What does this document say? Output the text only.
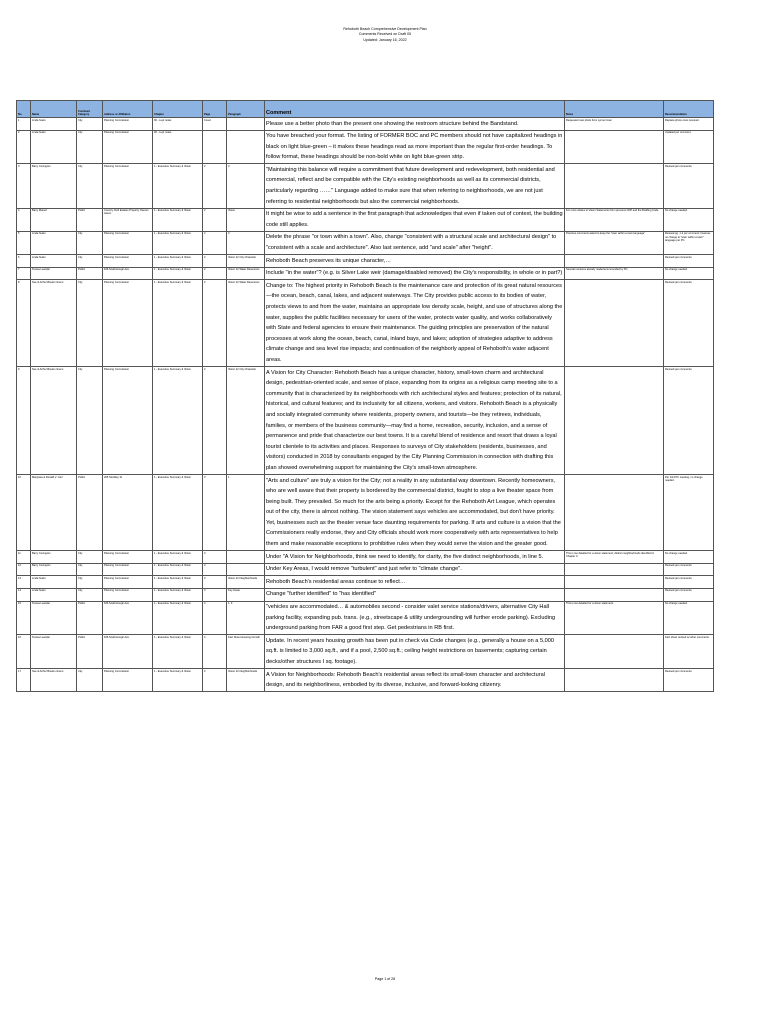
Rehoboth Beach Comprehensive Development Plan
Comments Received on Draft 05
Updated: January 16, 2022
No.	Name	Comment Category	Address or Affiliation	Chapter	Page	Paragraph	Comment	Notes	Recommendation
1	Linda Nusin	City	Planning Commission	00 - Lupt notes	Cover		Please use a better photo than the present one showing the restroom structure behind the Bandstand.	Requested new photo from Lynne Coan	Replace photo once received.
2	Linda Nusin	City	Planning Commission	00 - Lupt notes			You have breached your format. The listing of FORMER BOC and PC members should not have capitalized headings in black on light blue-green – it makes these headings read as more important than the regular first-order headings. To follow format, these headings should be non-bold white on light blue-green strip.		Updated per comment.
3	Barry Covington	City	Planning Commission	1 - Executive Summary & Vision	2	3	"Maintaining this balance will require a commitment that future development and redevelopment, both residential and commercial, reflect and be compatible with the City's existing neighborhoods as well as its commercial districts, particularly regarding ……" Language added to make sure that when referring to neighborhoods, we are not just referring to residential neighborhoods but also the commercial neighborhoods.		Revised per comments.
4	Barry Marsel	Public	Country Club Estates Property Owners Assoc.	1 - Executive Summary & Vision	2	Vision	It might be wise to add a sentence in the first paragraph that acknowledges that even if taken out of context, the building code still applies.	For more relates to Vision Statements from previous CDP and the Building Code.	No change needed.
5	Linda Nusin	City	Planning Commission	1 - Executive Summary & Vision	2	3	Delete the phrase "or town within a town". Also, change "consistent with a structural scale and architectural design" to "consistent with a scale and architecture". Also last sentence, add "and scale" after "height".	Previous comments asked to keep the "town within a town language"	Revised pg. 1-2 per comment; however, no change to "town within a town" language per PC.
6	Linda Nusin	City	Planning Commission	1 - Executive Summary & Vision	2	Vision for City Character	Rehoboth Beach preserves its unique character,…		Revised per comments.
7	Teresa Leander	Public	626 Scarborough Ave	1 - Executive Summary & Vision	2	Vision for Water Resources	Include "in the water"? (e.g. is Silver Lake weir (damage/disabled removed) the City's responsibility, in whole or in part?)	Several mentions already made/recommended by PC.	No change needed.
8	Sue & Arthur Boulen Greco	City	Planning Commission	1 - Executive Summary & Vision	2	Vision for Water Resources	Change to: The highest priority in Rehoboth Beach is the maintenance care and protection of its great natural resources—the ocean, beach, canal, lakes, and adjacent waterways. The City provides public access to its bodies of water, protects views to and from the water, maintains an appropriate low density scale, height, and use of structures along the water, supplies the public facilities necessary for users of the water, protects water quality, and works collaboratively with State and federal agencies to ensure their maintenance. The guiding principles are preservation of the natural processes at work along the ocean, beach, canal, inland bays, and lakes; adoption of strategies adaptive to address climate change and sea level rise impacts; and continuation of the neighborly appeal of Rehoboth's water adjacent areas.		Revised per comments.
9	Sue & Arthur Boulen Greco	City	Planning Commission	1 - Executive Summary & Vision	2	Vision for City Character	A Vision for City Character: Rehoboth Beach has a unique character, history, small-town charm and architectural design, pedestrian-oriented scale, and sense of place, expanding from its origins as a religious camp meeting site to a community that is characterized by its neighborhoods with rich architectural styles and features; protection of its natural, historical, and cultural features; and its inclusivity for all citizens, workers, and visitors. Rehoboth Beach is a physically and socially integrated community where residents, property owners, and tourists—be they retirees, individuals, families, or members of the business community—may find a home, recreation, security, inclusion, and a sense of permanence and pride that characterize our best towns. It is a careful blend of residence and resort that draws a loyal tourist clientele to its activities and places. Responses to surveys of City stakeholders (residents, businesses, and visitors) conducted in 2018 by consultants engaged by the City Planning Commission in connection with drafting this plan showed overwhelming support for maintaining the City's small-town atmosphere.		Revised per comments.
10	Marquisa & Donald V. Carr	Public	206 Stockley St	1 - Executive Summary & Vision	3	1	"Arts and culture" are truly a vision for the City; not a reality in any substantial way downtown. Recently homeowners, who are well aware that their property is bordered by the commercial district, fought to stop a live theater space from being built. They prevailed. So much for the arts being a priority. Except for the Rehoboth Art League, which operates out of the city, there is almost nothing. The vision statement says vehicles are accommodated, but don't have priority. Yet, businesses such as the theater venue face daunting requirements for parking. If arts and culture is a vision that the Commissioners really endorse, they and City officials should work more cooperatively with arts representatives to help them and make reasonable exceptions to prohibitive rules when they would serve the vision and the greater good.		Per 1/14 PC meeting, no change needed.
11	Barry Covington	City	Planning Commission	1 - Executive Summary & Vision	3		Under "A Vision for Neighborhoods, think we need to identify, for clarity, the five distinct neighborhoods, in line 5.	This is too detailed for a vision statement; distinct neighborhoods identified in Chapter 3.	No change needed.
12	Barry Covington	City	Planning Commission	1 - Executive Summary & Vision	3		Under Key Areas, I would remove "turbulent" and just refer to "climate change".		Revised per comments.
13	Linda Nusin	City	Planning Commission	1 - Executive Summary & Vision	3	Vision for Neighborhoods	Rehoboth Beach's residential areas continue to reflect…		Revised per comments.
14	Linda Nusin	City	Planning Commission	1 - Executive Summary & Vision	3	Key Areas	Change "further identified" to "has identified"		Revised per comments.
15	Teresa Leander	Public	626 Scarborough Ave	1 - Executive Summary & Vision	4	1, 3	"vehicles are accommodated… & automobiles second - consider valet service stations/drivers, alternative City Hall parking facility, expanding pub. trans. (e.g., streetscape & utility undergrounding will further erode parking). Excluding underground parking from FAR a good first step. Get pedestrians in RB first.	This is too detailed for a vision statement.	No change needed.
16	Teresa Leander	Public	626 Scarborough Ave	1 - Executive Summary & Vision	4	Fact Sheet Housing Growth	Update. In recent years housing growth has been put in check via Code changes (e.g., generally a house on a 5,000 sq.ft. is limited to 3,000 sq.ft., and if a pool, 2,500 sq.ft.; ceiling height restrictions on basements; capturing certain decks/other structures I sq. footage).		Fact sheet revised w/ other comments.
17	Sue & Arthur Boulen Greco	City	Planning Commission	1 - Executive Summary & Vision	4	Vision for Neighborhoods	A Vision for Neighborhoods: Rehoboth Beach's residential areas reflect its small-town character and architectural design, and its neighborliness, embodied by its diverse, inclusive, and forward-looking citizenry.		Revised per comments.
Page 1 of 28
